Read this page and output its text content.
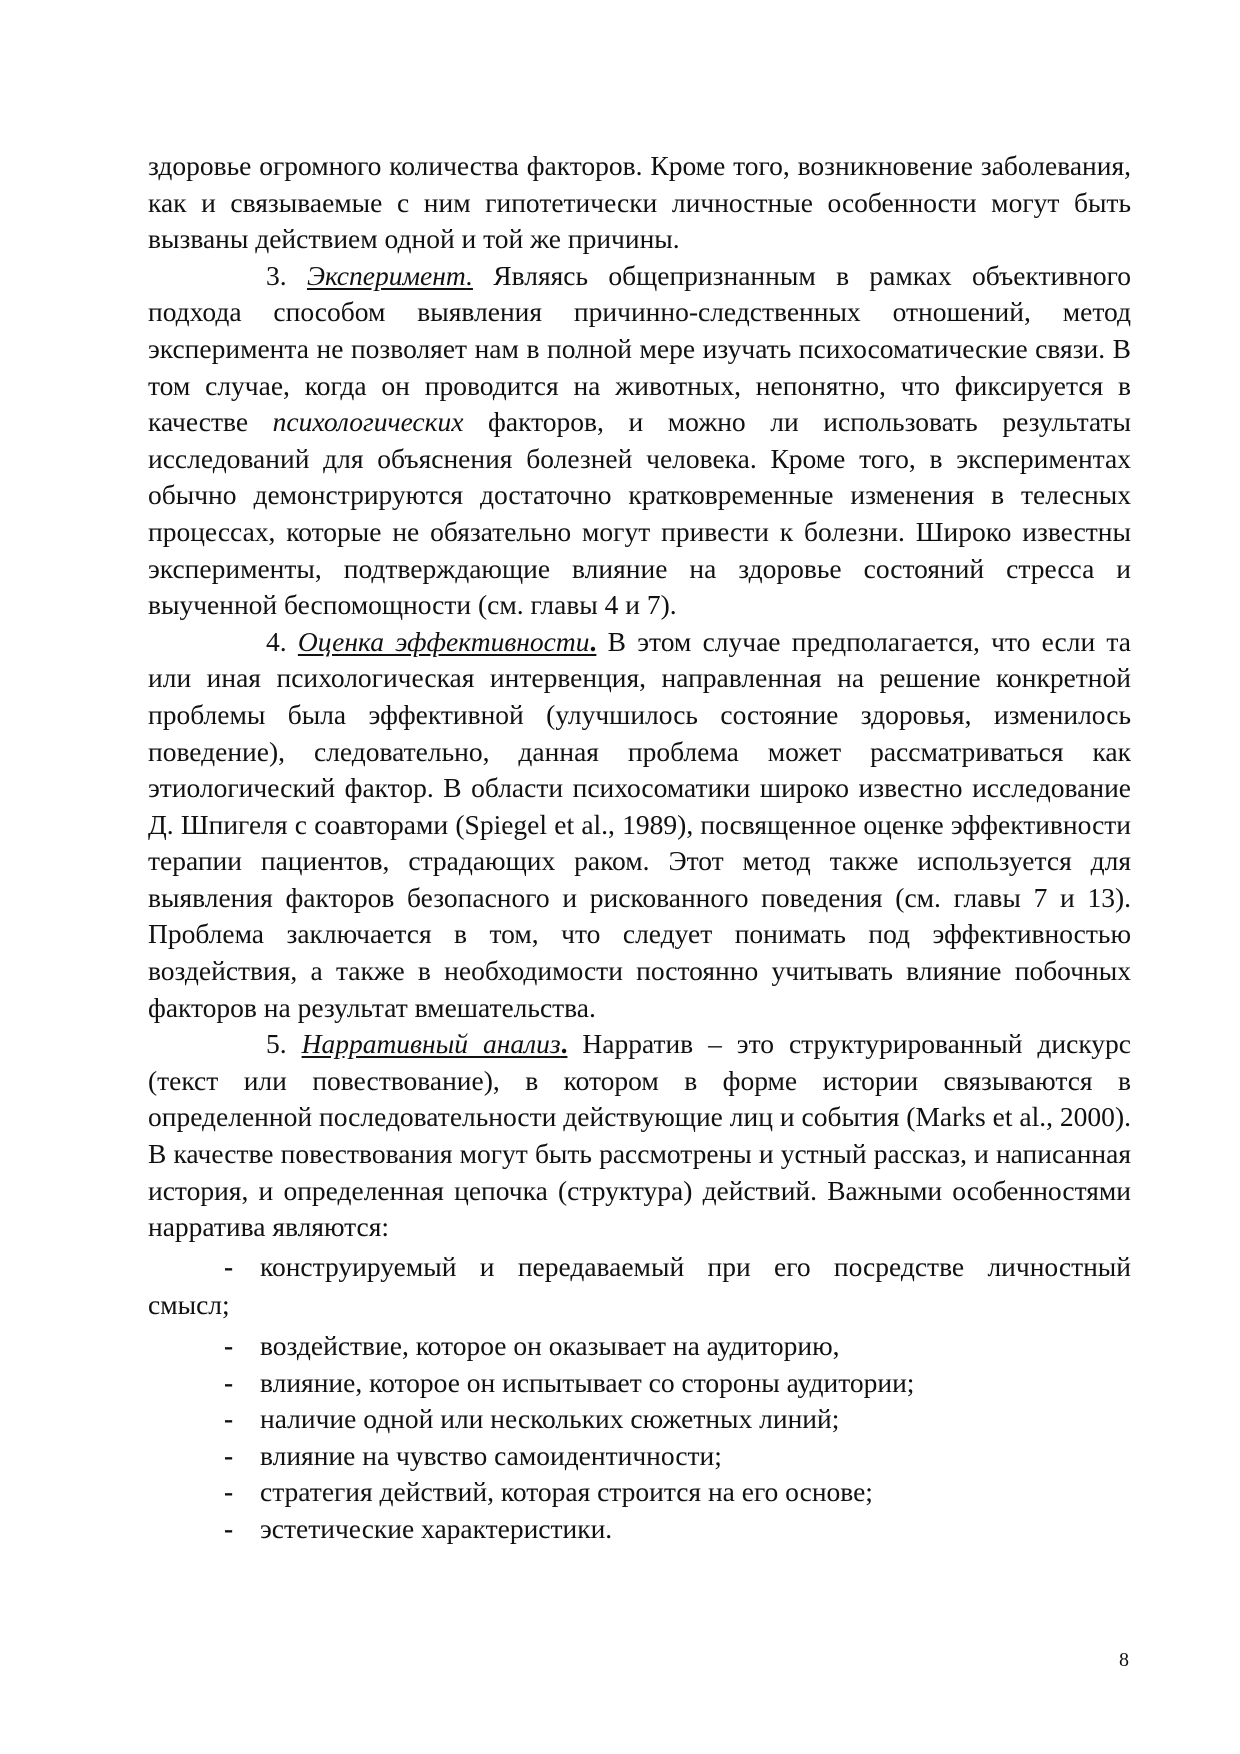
здоровье огромного количества факторов. Кроме того, возникновение заболевания, как и связываемые с ним гипотетически личностные особенности могут быть вызваны действием одной и той же причины.

3. Эксперимент. Являясь общепризнанным в рамках объективного подхода способом выявления причинно-следственных отношений, метод эксперимента не позволяет нам в полной мере изучать психосоматические связи. В том случае, когда он проводится на животных, непонятно, что фиксируется в качестве психологических факторов, и можно ли использовать результаты исследований для объяснения болезней человека. Кроме того, в экспериментах обычно демонстрируются достаточно кратковременные изменения в телесных процессах, которые не обязательно могут привести к болезни. Широко известны эксперименты, подтверждающие влияние на здоровье состояний стресса и выученной беспомощности (см. главы 4 и 7).

4. Оценка эффективности. В этом случае предполагается, что если та или иная психологическая интервенция, направленная на решение конкретной проблемы была эффективной (улучшилось состояние здоровья, изменилось поведение), следовательно, данная проблема может рассматриваться как этиологический фактор. В области психосоматики широко известно исследование Д. Шпигеля с соавторами (Spiegel et al., 1989), посвященное оценке эффективности терапии пациентов, страдающих раком. Этот метод также используется для выявления факторов безопасного и рискованного поведения (см. главы 7 и 13). Проблема заключается в том, что следует понимать под эффективностью воздействия, а также в необходимости постоянно учитывать влияние побочных факторов на результат вмешательства.

5. Нарративный анализ. Нарратив – это структурированный дискурс (текст или повествование), в котором в форме истории связываются в определенной последовательности действующие лиц и события (Marks et al., 2000). В качестве повествования могут быть рассмотрены и устный рассказ, и написанная история, и определенная цепочка (структура) действий. Важными особенностями нарратива являются:

- конструируемый и передаваемый при его посредстве личностный
смысл;
- воздействие, которое он оказывает на аудиторию,
- влияние, которое он испытывает со стороны аудитории;
- наличие одной или нескольких сюжетных линий;
- влияние на чувство самоидентичности;
- стратегия действий, которая строится на его основе;
- эстетические характеристики.
8
